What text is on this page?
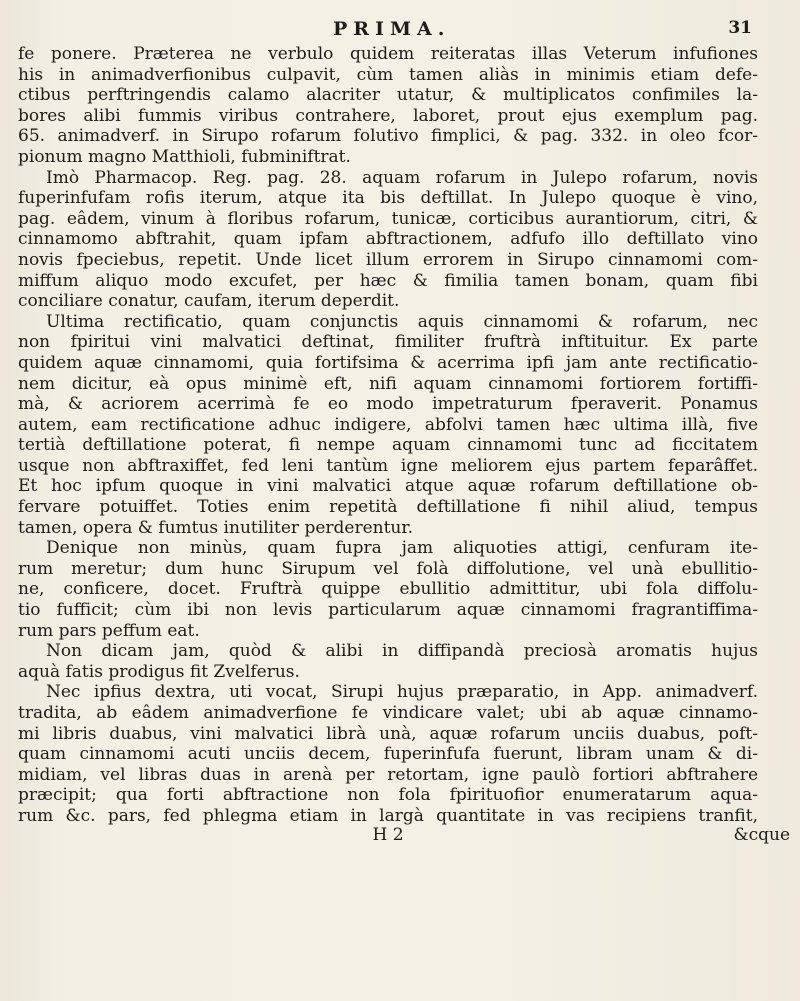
PRIMA.	31
fe ponere. Præterea ne verbulo quidem reiteratas illas Veterum infufiones
his in animadverfionibus culpavit, cùm tamen aliàs in minimis etiam defe-
ctibus perftringendis calamo alacriter utatur, & multiplicatos confimiles la-
bores alibi fummis viribus contrahere, laboret, prout ejus exemplum pag.
65. animadverf. in Sirupo rofarum folutivo fimplici, & pag. 332. in oleo fcor-
pionum magno Matthioli, fubminiftrat.
Imò Pharmacop. Reg. pag. 28. aquam rofarum in Julepo rofarum, novis
fuperinfufam rofis iterum, atque ita bis deftillat. In Julepo quoque è vino,
pag. eâdem, vinum à floribus rofarum, tunicæ, corticibus aurantiorum, citri, &
cinnamomo abftrahit, quam ipfam abftractionem, adfufo illo deftillato vino
novis fpeciebus, repetit. Unde licet illum errorem in Sirupo cinnamomi com-
miffum aliquo modo excufet, per hæc & fimilia tamen bonam, quam fibi
conciliare conatur, caufam, iterum deperdit.
Ultima rectificatio, quam conjunctis aquis cinnamomi & rofarum, nec
non fpiritui vini malvatici deftinat, fimiliter fruftrà inftituitur. Ex parte
quidem aquæ cinnamomi, quia fortifsima & acerrima ipfi jam ante rectificatio-
nem dicitur, eà opus minimè eft, nifi aquam cinnamomi fortiorem fortiffi-
mà, & acriorem acerrimà fe eo modo impetraturum fperaverit. Ponamus
autem, eam rectificatione adhuc indigere, abfolvi tamen hæc ultima illà, five
tertià deftillatione poterat, fi nempe aquam cinnamomi tunc ad ficcitatem
usque non abftraxiffet, fed leni tantùm igne meliorem ejus partem feparâffet.
Et hoc ipfum quoque in vini malvatici atque aquæ rofarum deftillatione ob-
fervare potuiffet. Toties enim repetità deftillatione fi nihil aliud, tempus
tamen, opera & fumtus inutiliter perderentur.
Denique non minùs, quam fupra jam aliquoties attigi, cenfuram ite-
rum meretur; dum hunc Sirupum vel folà diffolutione, vel unà ebullitio-
ne, conficere, docet. Fruftrà quippe ebullitio admittitur, ubi fola diffolu-
tio fufficit; cùm ibi non levis particularum aquæ cinnamomi fragrantiffima-
rum pars peffum eat.
Non dicam jam, quòd & alibi in diffipandà preciosà aromatis hujus
aquà fatis prodigus fit Zvelferus.
Nec ipfius dextra, uti vocat, Sirupi hujus præparatio, in App. animadverf.
tradita, ab eâdem animadverfione fe vindicare valet; ubi ab aquæ cinnamo-
mi libris duabus, vini malvatici librà unà, aquæ rofarum unciis duabus, poft-
quam cinnamomi acuti unciis decem, fuperinfufa fuerunt, libram unam & di-
midiam, vel libras duas in arenà per retortam, igne paulò fortiori abftrahere
præcipit; qua forti abftractione non fola fpirituofior enumeratarum aqua-
rum &c. pars, fed phlegma etiam in largà quantitate in vas recipiens tranfit,
H 2	&cque
